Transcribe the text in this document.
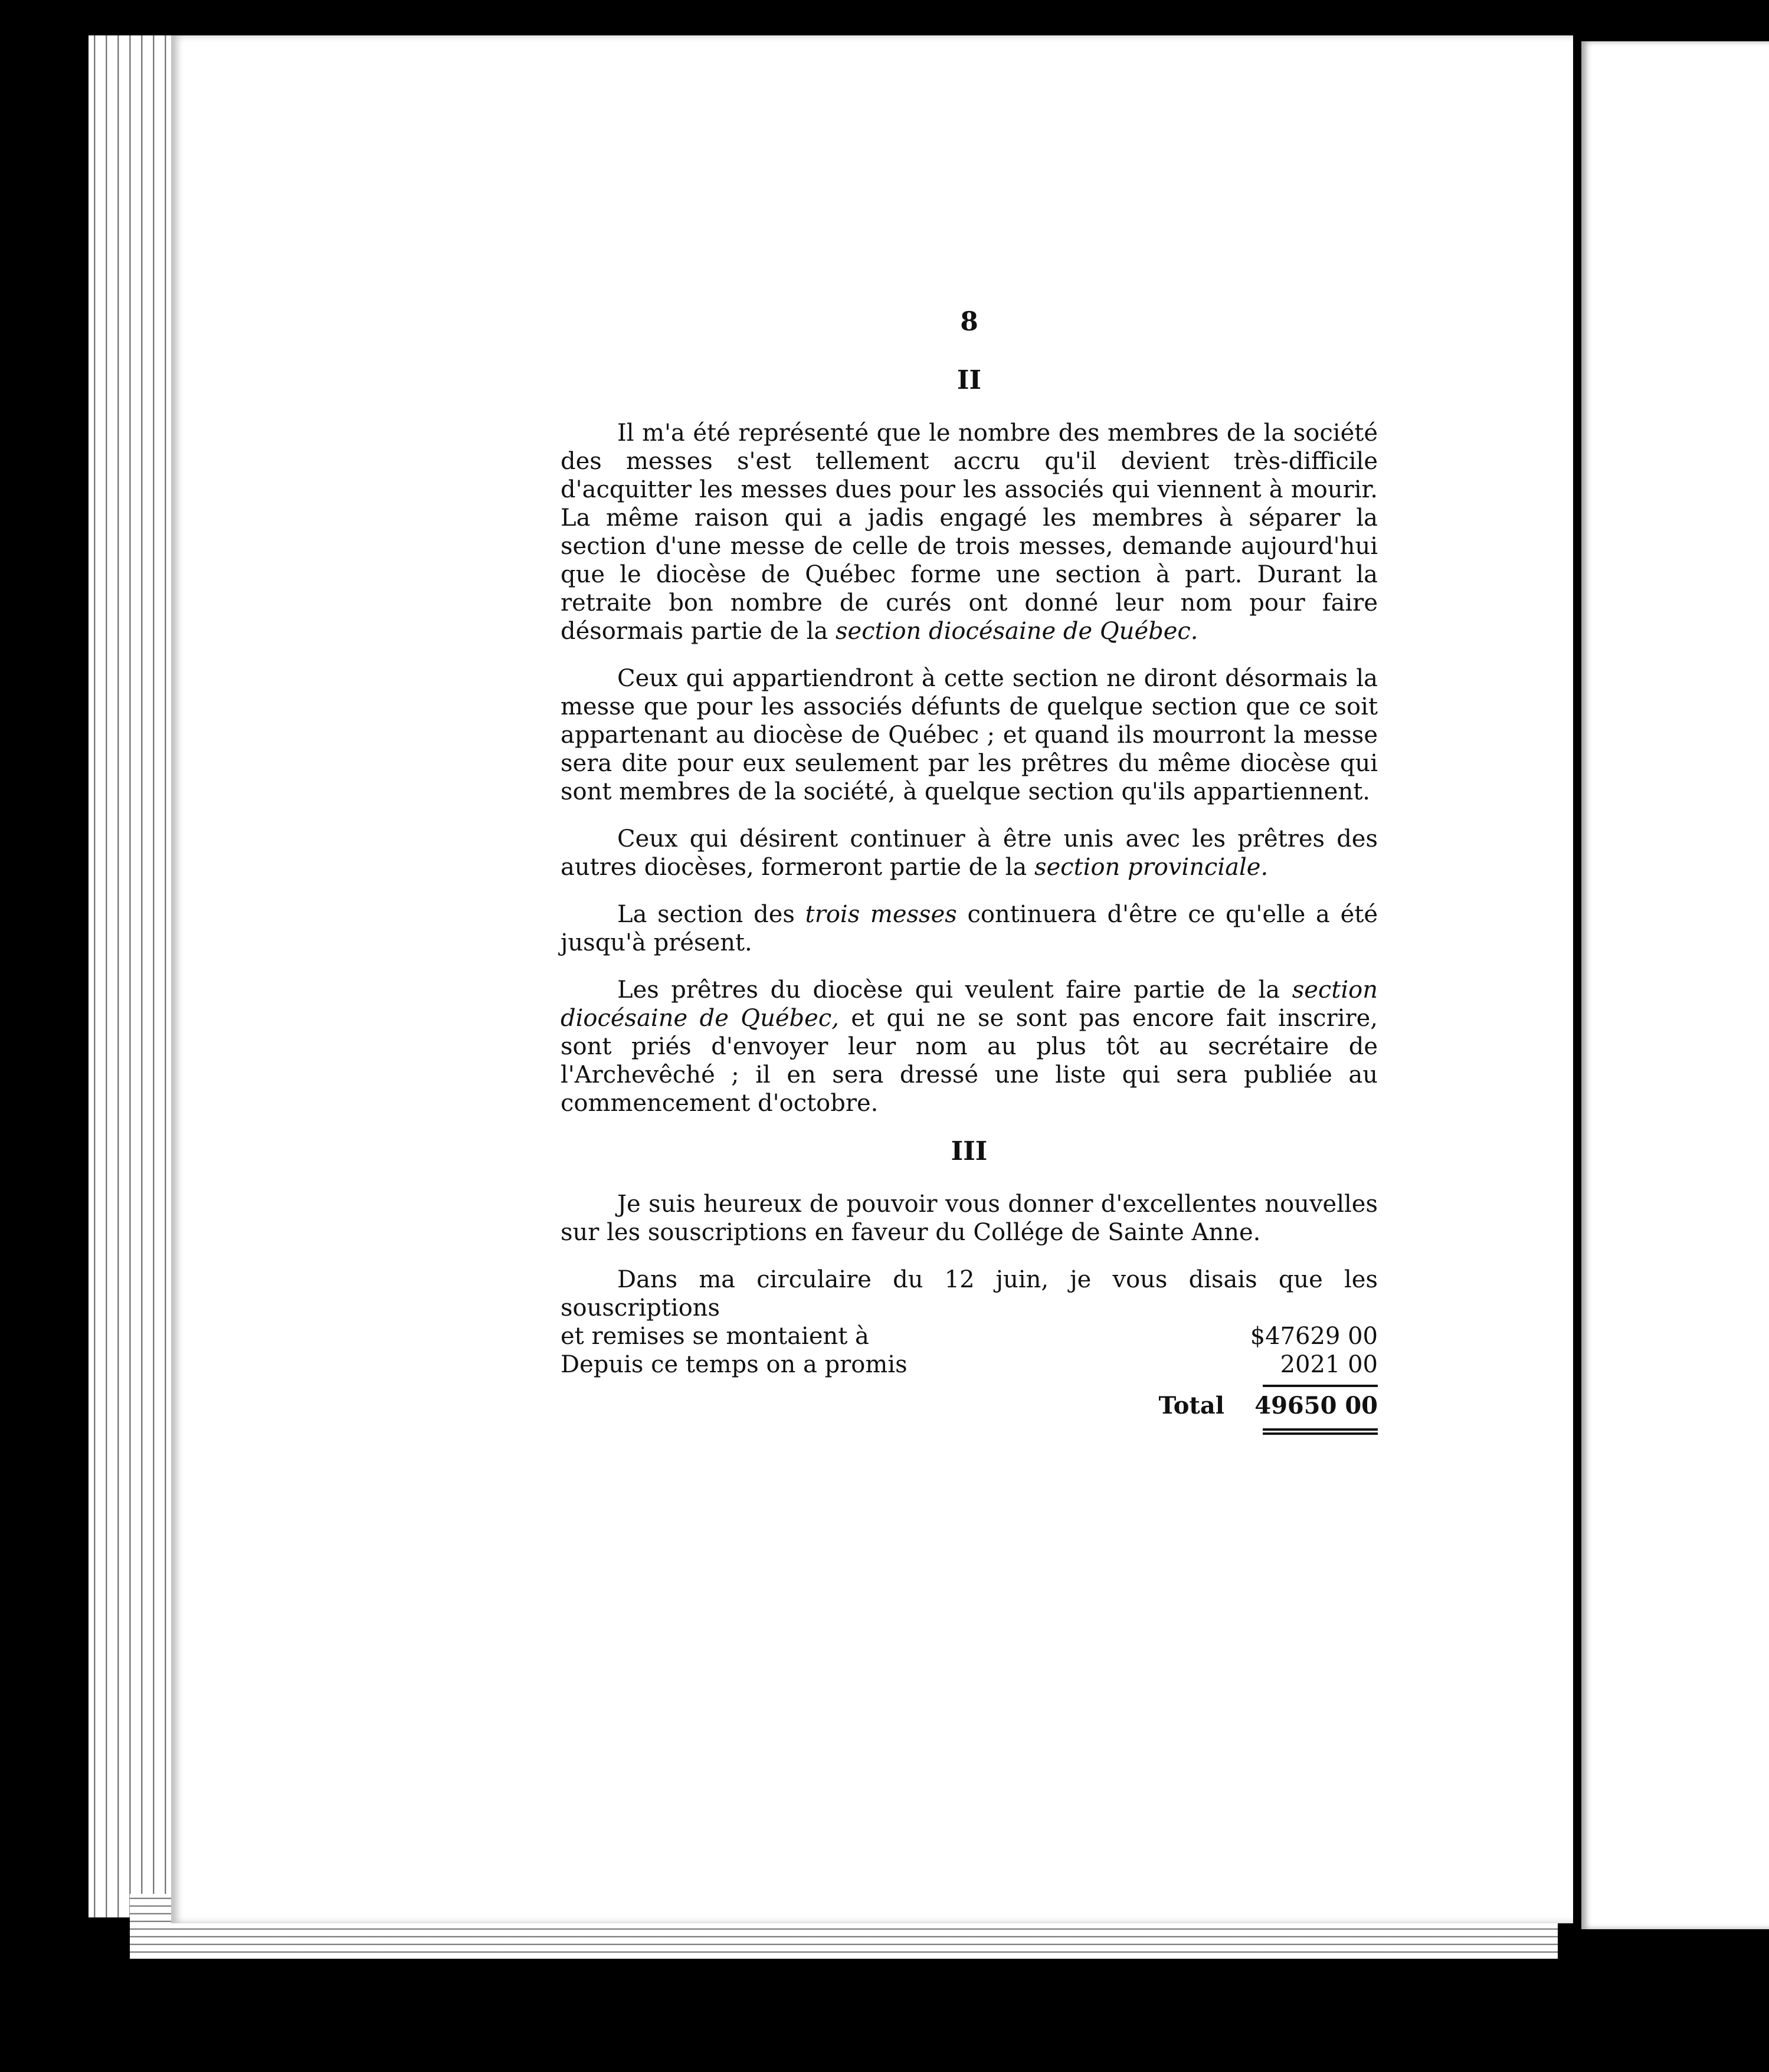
8
II

Il m'a été représenté que le nombre des membres de la société des messes s'est tellement accru qu'il devient très-difficile d'acquitter les messes dues pour les associés qui viennent à mourir. La même raison qui a jadis engagé les membres à séparer la section d'une messe de celle de trois messes, demande aujourd'hui que le diocèse de Québec forme une section à part. Durant la retraite bon nombre de curés ont donné leur nom pour faire désormais partie de la section diocésaine de Québec.

Ceux qui appartiendront à cette section ne diront désormais la messe que pour les associés défunts de quelque section que ce soit appartenant au diocèse de Québec ; et quand ils mourront la messe sera dite pour eux seulement par les prêtres du même diocèse qui sont membres de la société, à quelque section qu'ils appartiennent.

Ceux qui désirent continuer à être unis avec les prêtres des autres diocèses, formeront partie de la section provinciale.

La section des trois messes continuera d'être ce qu'elle a été jusqu'à présent.

Les prêtres du diocèse qui veulent faire partie de la section diocésaine de Québec, et qui ne se sont pas encore fait inscrire, sont priés d'envoyer leur nom au plus tôt au secrétaire de l'Archevêché ; il en sera dressé une liste qui sera publiée au commencement d'octobre.

III

Je suis heureux de pouvoir vous donner d'excellentes nouvelles sur les souscriptions en faveur du Collége de Sainte Anne.

Dans ma circulaire du 12 juin, je vous disais que les souscriptions
et remises se montaient à	$47629 00
Depuis ce temps on a promis	2021 00
Total 49650 00
